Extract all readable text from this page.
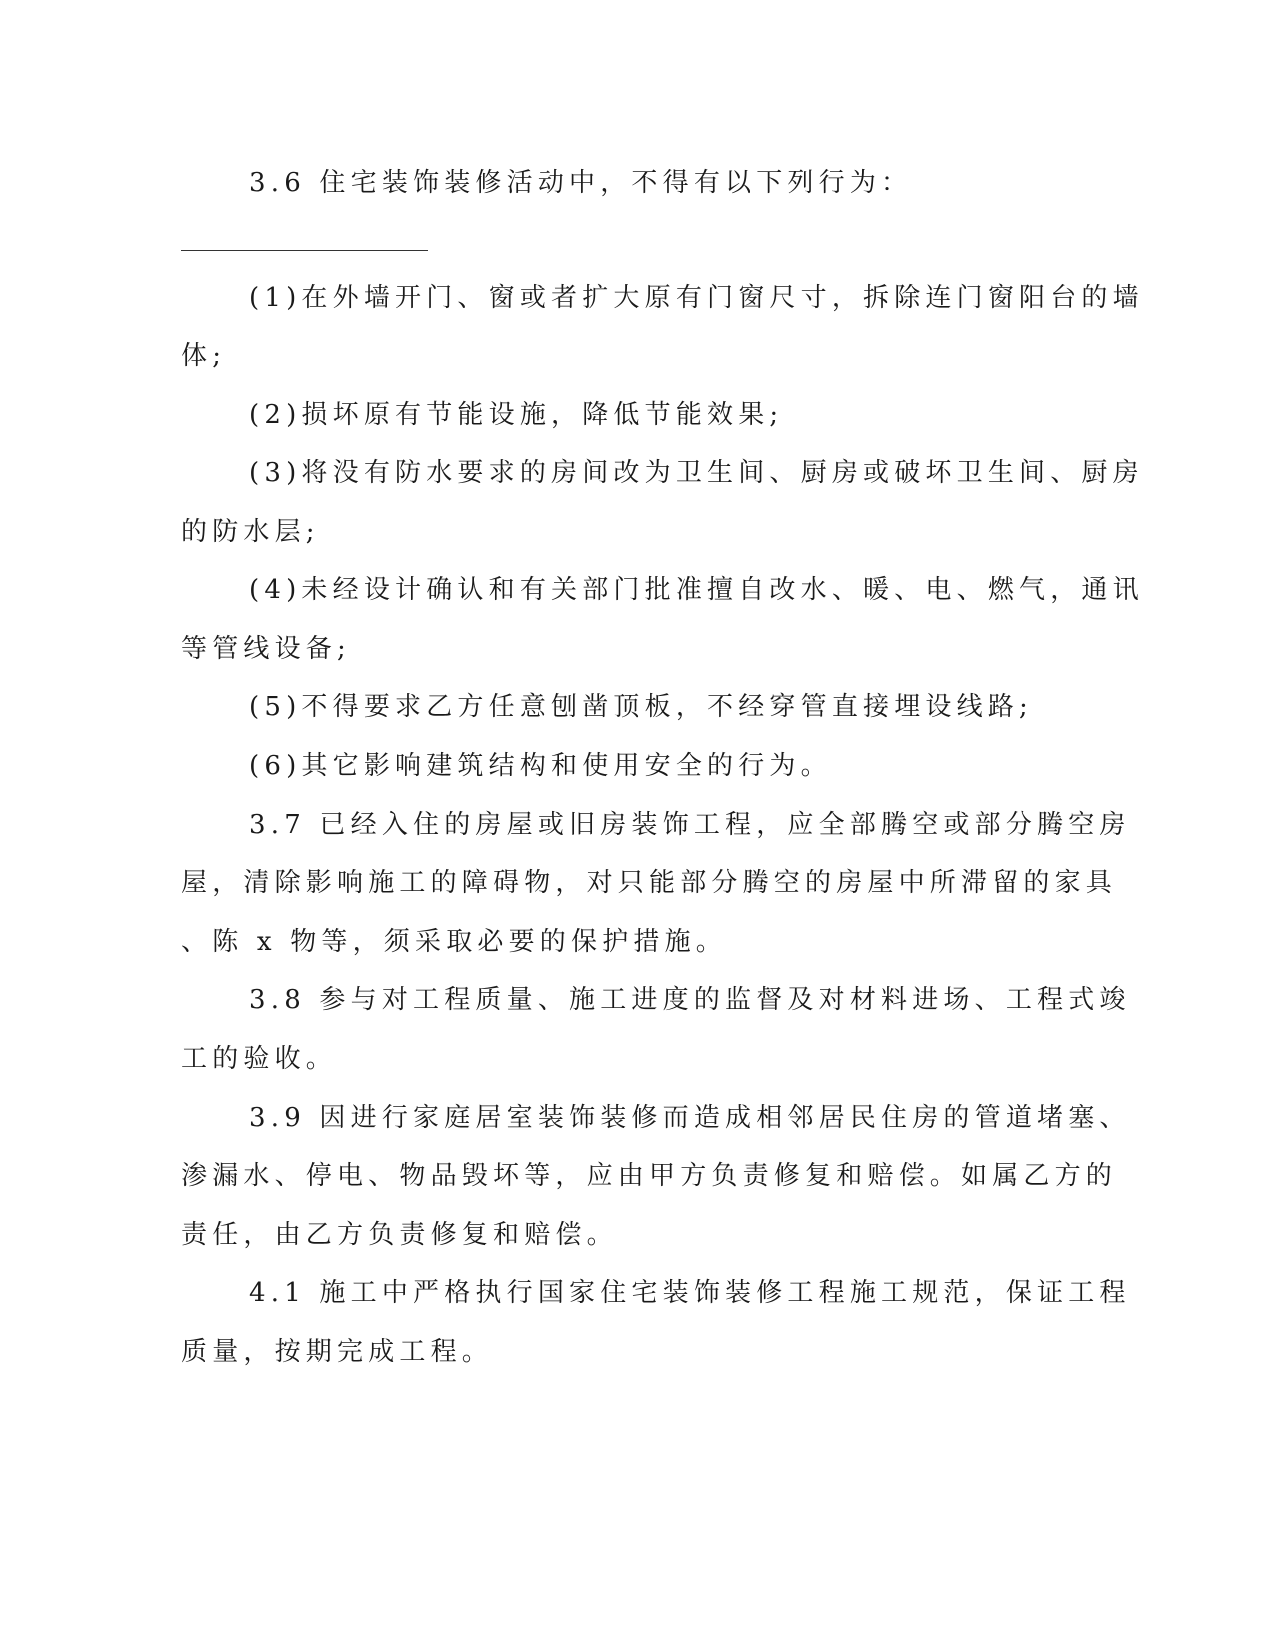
3.6 住宅装饰装修活动中，不得有以下列行为：
(1)在外墙开门、窗或者扩大原有门窗尺寸，拆除连门窗阳台的墙
体;
(2)损坏原有节能设施，降低节能效果;
(3)将没有防水要求的房间改为卫生间、厨房或破坏卫生间、厨房
的防水层;
(4)未经设计确认和有关部门批准擅自改水、暖、电、燃气，通讯
等管线设备;
(5)不得要求乙方任意刨凿顶板，不经穿管直接埋设线路;
(6)其它影响建筑结构和使用安全的行为。
3.7 已经入住的房屋或旧房装饰工程，应全部腾空或部分腾空房
屋，清除影响施工的障碍物，对只能部分腾空的房屋中所滞留的家具
、陈 x 物等，须采取必要的保护措施。
3.8 参与对工程质量、施工进度的监督及对材料进场、工程式竣
工的验收。
3.9 因进行家庭居室装饰装修而造成相邻居民住房的管道堵塞、
渗漏水、停电、物品毁坏等，应由甲方负责修复和赔偿。如属乙方的
责任，由乙方负责修复和赔偿。
4.1 施工中严格执行国家住宅装饰装修工程施工规范，保证工程
质量，按期完成工程。
